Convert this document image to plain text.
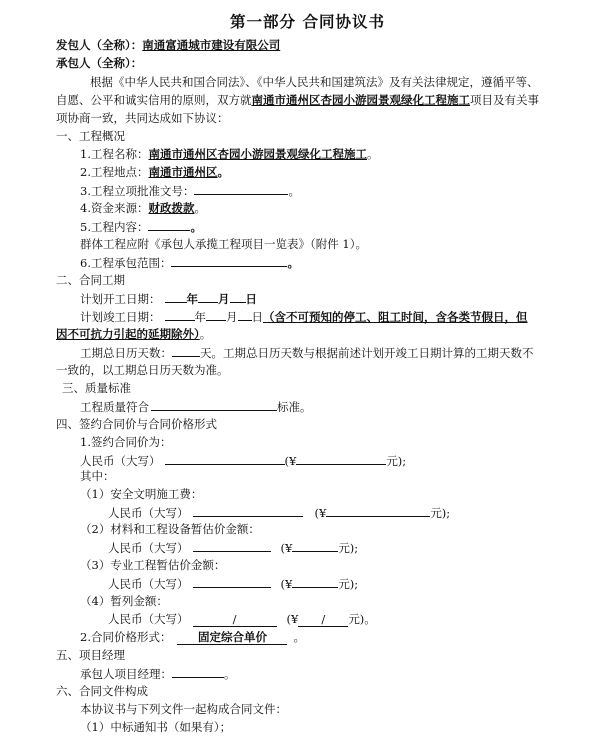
第一部分 合同协议书
发包人（全称）：南通富通城市建设有限公司
承包人（全称）：
根据《中华人民共和国合同法》、《中华人民共和国建筑法》及有关法律规定，遵循平等、
自愿、公平和诚实信用的原则，双方就南通市通州区杏园小游园景观绿化工程施工项目及有关事
项协商一致，共同达成如下协议：
一、工程概况
1.工程名称：南通市通州区杏园小游园景观绿化工程施工。
2.工程地点：南通市通州区。
3.工程立项批准文号：	。
4.资金来源：财政拨款。
5.工程内容：	。
群体工程应附《承包人承揽工程项目一览表》（附件 1）。
6.工程承包范围：	。
二、合同工期
计划开工日期： 年 月 日
计划竣工日期：	年 月 日（含不可预知的停工、阻工时间，含各类节假日，但
因不可抗力引起的延期除外）。
工期总日历天数： 天。工期总日历天数与根据前述计划开竣工日期计算的工期天数不
一致的，以工期总日历天数为准。
三、质量标准
工程质量符合	标准。
四、签约合同价与合同价格形式
1.签约合同价为：
人民币（大写）	(¥	元);
其中：
（1）安全文明施工费：
人民币（大写）	(¥	元);
（2）材料和工程设备暂估价金额：
人民币（大写）	(¥	元);
（3）专业工程暂估价金额：
人民币（大写）	(¥	元);
（4）暂列金额：
人民币（大写）	/	(¥ / 元)。
2.合同价格形式： 固定综合单价 。
五、项目经理
承包人项目经理：	。
六、合同文件构成
本协议书与下列文件一起构成合同文件：
（1）中标通知书（如果有）；
